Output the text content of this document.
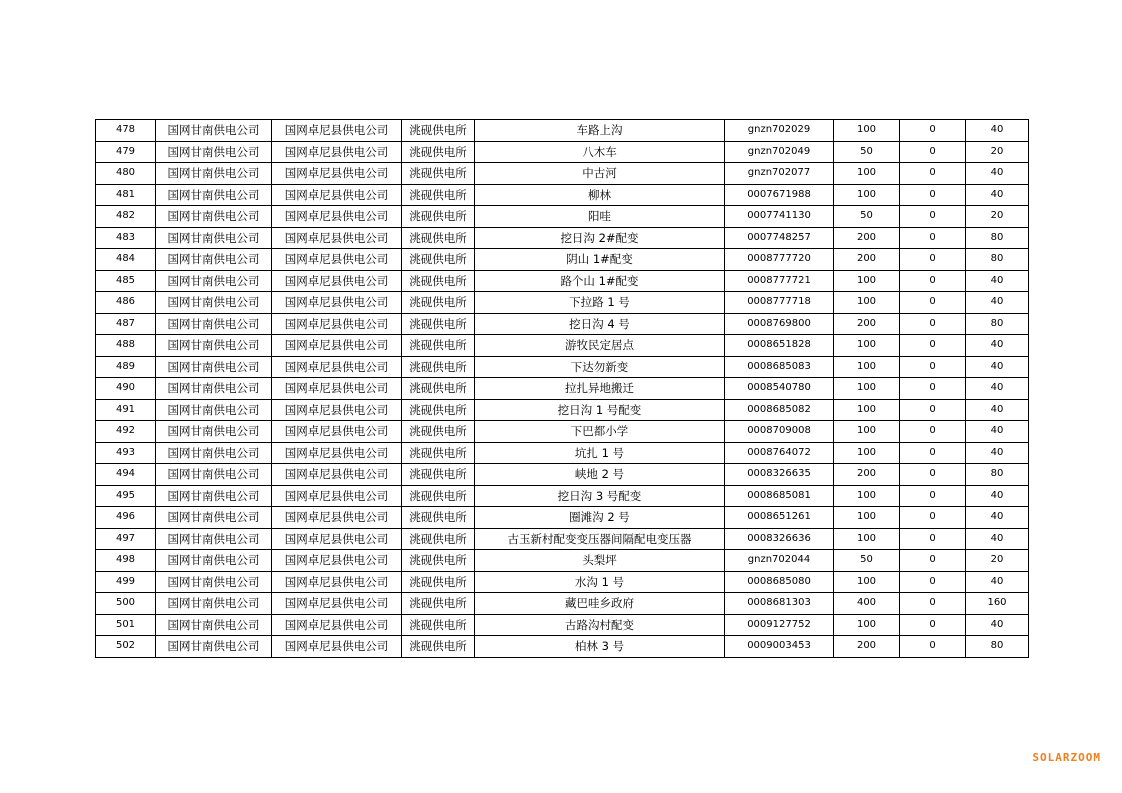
478	国网甘南供电公司	国网卓尼县供电公司	洮砚供电所	车路上沟	gnzn702029	100	0	40
479	国网甘南供电公司	国网卓尼县供电公司	洮砚供电所	八木车	gnzn702049	50	0	20
480	国网甘南供电公司	国网卓尼县供电公司	洮砚供电所	中古河	gnzn702077	100	0	40
481	国网甘南供电公司	国网卓尼县供电公司	洮砚供电所	柳林	0007671988	100	0	40
482	国网甘南供电公司	国网卓尼县供电公司	洮砚供电所	阳哇	0007741130	50	0	20
483	国网甘南供电公司	国网卓尼县供电公司	洮砚供电所	挖日沟 2#配变	0007748257	200	0	80
484	国网甘南供电公司	国网卓尼县供电公司	洮砚供电所	阴山 1#配变	0008777720	200	0	80
485	国网甘南供电公司	国网卓尼县供电公司	洮砚供电所	路个山 1#配变	0008777721	100	0	40
486	国网甘南供电公司	国网卓尼县供电公司	洮砚供电所	下拉路 1 号	0008777718	100	0	40
487	国网甘南供电公司	国网卓尼县供电公司	洮砚供电所	挖日沟 4 号	0008769800	200	0	80
488	国网甘南供电公司	国网卓尼县供电公司	洮砚供电所	游牧民定居点	0008651828	100	0	40
489	国网甘南供电公司	国网卓尼县供电公司	洮砚供电所	下达勿新变	0008685083	100	0	40
490	国网甘南供电公司	国网卓尼县供电公司	洮砚供电所	拉扎异地搬迁	0008540780	100	0	40
491	国网甘南供电公司	国网卓尼县供电公司	洮砚供电所	挖日沟 1 号配变	0008685082	100	0	40
492	国网甘南供电公司	国网卓尼县供电公司	洮砚供电所	下巴都小学	0008709008	100	0	40
493	国网甘南供电公司	国网卓尼县供电公司	洮砚供电所	坑扎 1 号	0008764072	100	0	40
494	国网甘南供电公司	国网卓尼县供电公司	洮砚供电所	峡地 2 号	0008326635	200	0	80
495	国网甘南供电公司	国网卓尼县供电公司	洮砚供电所	挖日沟 3 号配变	0008685081	100	0	40
496	国网甘南供电公司	国网卓尼县供电公司	洮砚供电所	圈滩沟 2 号	0008651261	100	0	40
497	国网甘南供电公司	国网卓尼县供电公司	洮砚供电所	古玉新村配变变压器间隔配电变压器	0008326636	100	0	40
498	国网甘南供电公司	国网卓尼县供电公司	洮砚供电所	头梨坪	gnzn702044	50	0	20
499	国网甘南供电公司	国网卓尼县供电公司	洮砚供电所	水沟 1 号	0008685080	100	0	40
500	国网甘南供电公司	国网卓尼县供电公司	洮砚供电所	藏巴哇乡政府	0008681303	400	0	160
501	国网甘南供电公司	国网卓尼县供电公司	洮砚供电所	古路沟村配变	0009127752	100	0	40
502	国网甘南供电公司	国网卓尼县供电公司	洮砚供电所	柏林 3 号	0009003453	200	0	80
SOLARZOOM
